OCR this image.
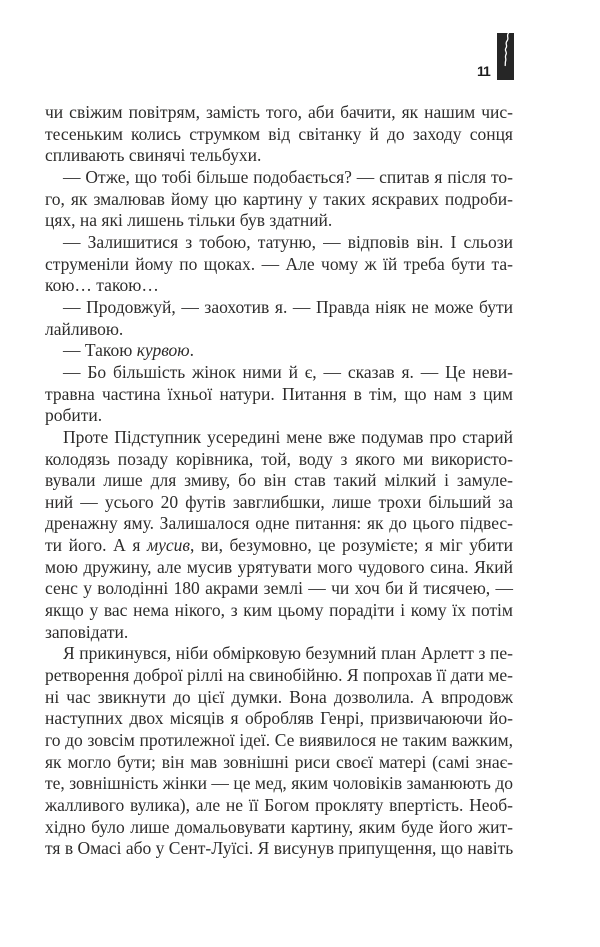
11
чи свіжим повітрям, замість того, аби бачити, як нашим чис-
тесеньким колись струмком від світанку й до заходу сонця
спливають свинячі тельбухи.
— Отже, що тобі більше подобається? — спитав я після то-
го, як змалював йому цю картину у таких яскравих подроби-
цях, на які лишень тільки був здатний.
— Залишитися з тобою, татуню, — відповів він. І сльози
струменіли йому по щоках. — Але чому ж їй треба бути та-
кою… такою…
— Продовжуй, — заохотив я. — Правда ніяк не може бути
лайливою.
— Такою курвою.
— Бо більшість жінок ними й є, — сказав я. — Це неви-
травна частина їхньої натури. Питання в тім, що нам з цим
робити.
Проте Підступник усередині мене вже подумав про старий
колодязь позаду корівника, той, воду з якого ми використо-
вували лише для змиву, бо він став такий мілкий і замуле-
ний — усього 20 футів завглибшки, лише трохи більший за
дренажну яму. Залишалося одне питання: як до цього підвес-
ти його. А я мусив, ви, безумовно, це розумієте; я міг убити
мою дружину, але мусив урятувати мого чудового сина. Який
сенс у володінні 180 акрами землі — чи хоч би й тисячею, —
якщо у вас нема нікого, з ким цьому порадіти і кому їх потім
заповідати.
Я прикинувся, ніби обмірковую безумний план Арлетт з пе-
ретворення доброї ріллі на свинобійню. Я попрохав її дати ме-
ні час звикнути до цієї думки. Вона дозволила. А впродовж
наступних двох місяців я обробляв Генрі, призвичаюючи йо-
го до зовсім протилежної ідеї. Се виявилося не таким важким,
як могло бути; він мав зовнішні риси своєї матері (самі знає-
те, зовнішність жінки — це мед, яким чоловіків заманюють до
жалливого вулика), але не її Богом прокляту впертість. Необ-
хідно було лише домальовувати картину, яким буде його жит-
тя в Омасі або у Сент-Луїсі. Я висунув припущення, що навіть
